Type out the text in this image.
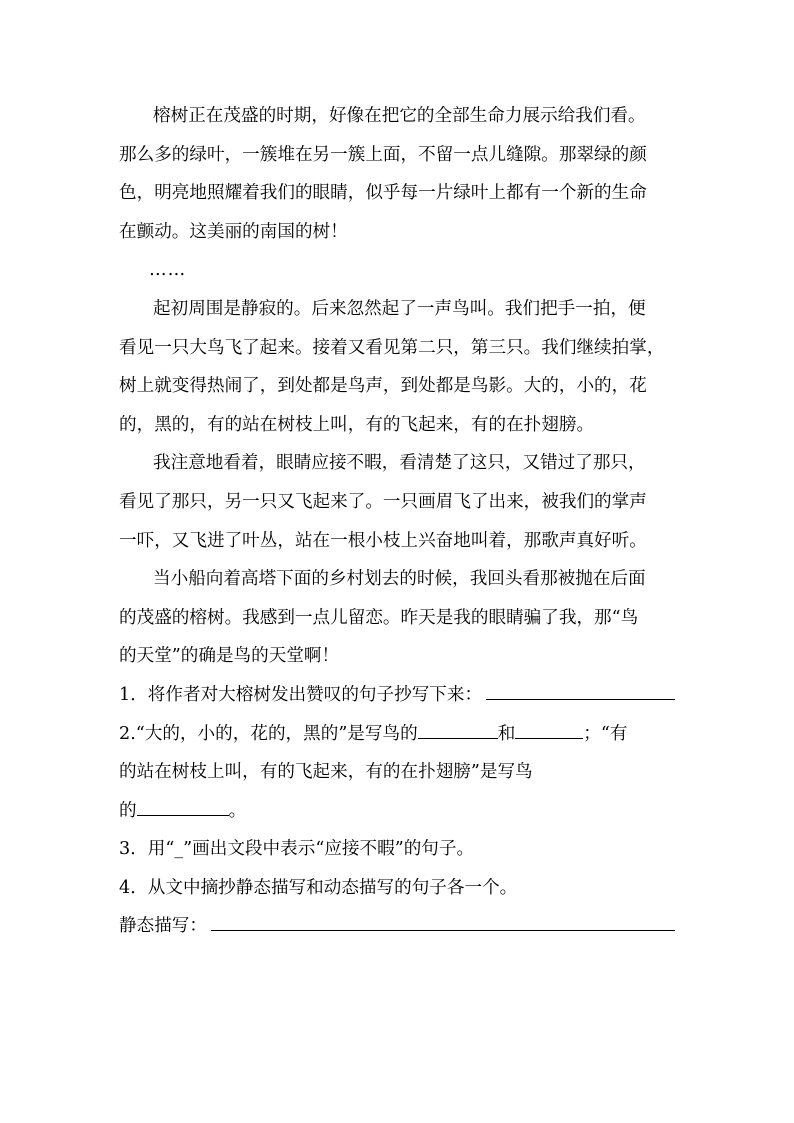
榕树正在茂盛的时期，好像在把它的全部生命力展示给我们看。
那么多的绿叶，一簇堆在另一簇上面，不留一点儿缝隙。那翠绿的颜
色，明亮地照耀着我们的眼睛，似乎每一片绿叶上都有一个新的生命
在颤动。这美丽的南国的树！
……
起初周围是静寂的。后来忽然起了一声鸟叫。我们把手一拍，便
看见一只大鸟飞了起来。接着又看见第二只，第三只。我们继续拍掌，
树上就变得热闹了，到处都是鸟声，到处都是鸟影。大的，小的，花
的，黑的，有的站在树枝上叫，有的飞起来，有的在扑翅膀。
我注意地看着，眼睛应接不暇，看清楚了这只，又错过了那只，
看见了那只，另一只又飞起来了。一只画眉飞了出来，被我们的掌声
一吓，又飞进了叶丛，站在一根小枝上兴奋地叫着，那歌声真好听。
当小船向着高塔下面的乡村划去的时候，我回头看那被抛在后面
的茂盛的榕树。我感到一点儿留恋。昨天是我的眼睛骗了我，那“鸟
的天堂”的确是鸟的天堂啊！
1．将作者对大榕树发出赞叹的句子抄写下来：
2.“大的，小的，花的，黑的”是写鸟的	和	；“有
的站在树枝上叫，有的飞起来，有的在扑翅膀”是写鸟
的	。
3．用“_”画出文段中表示“应接不暇”的句子。
4．从文中摘抄静态描写和动态描写的句子各一个。
静态描写：
